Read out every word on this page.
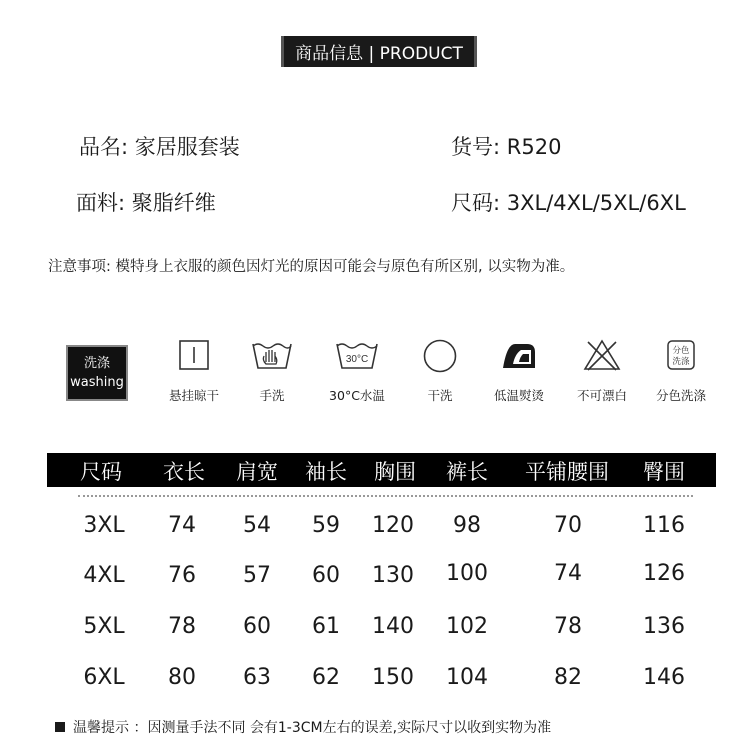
商品信息 | PRODUCT
品名: 家居服套装	货号: R520
面料: 聚脂纤维	尺码: 3XL/4XL/5XL/6XL
注意事项: 模特身上衣服的颜色因灯光的原因可能会与原色有所区别, 以实物为准。
洗涤
washing
悬挂晾干	手洗
30°C
30°C水温	干洗	低温熨烫	不可漂白
分色
洗涤
分色洗涤
尺码 衣长 肩宽 袖长 胸围 裤长 平铺腰围 臀围
3XL 74 54 59 120 98	70	116
4XL 76 57 60 130 100	74	126
5XL 78 60 61 140 102	78	136
6XL 80 63 62 150 104	82	146
温馨提示 ：因测量手法不同 会有1-3CM左右的误差,实际尺寸以收到实物为准
